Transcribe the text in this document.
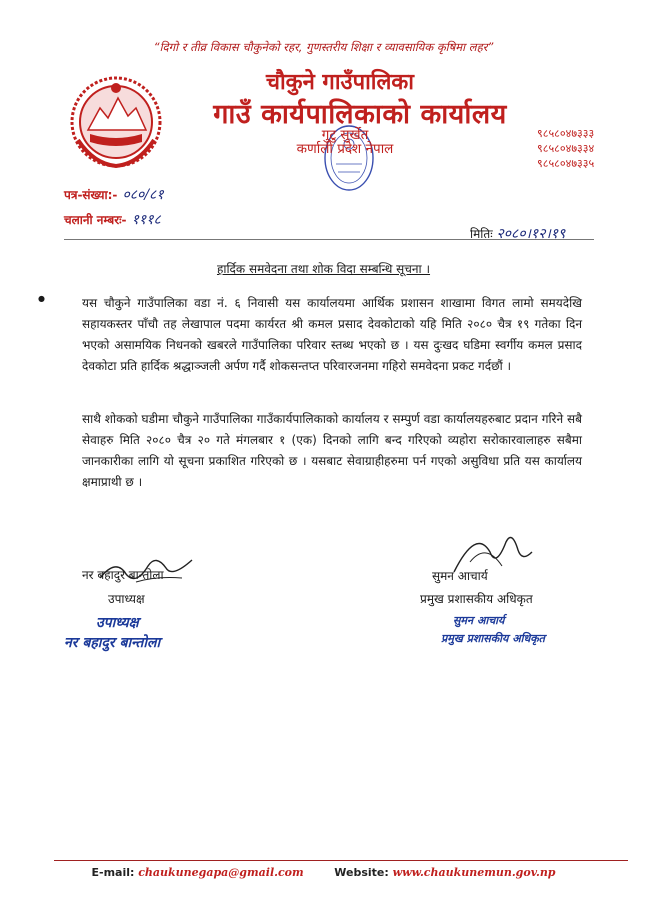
“दिगो र तीव्र विकास चौकुनेको रहर, गुणस्तरीय शिक्षा र व्यावसायिक कृषिमा लहर”
चौकुने गाउँपालिका
गाउँ कार्यपालिकाको कार्यालय
गुटु सुर्खेत
कर्णाली प्रदेश नेपाल
९८५८०४७३३३
९८५८०४७३३४
९८५८०४७३३५
पत्र-संख्या:- ०८०/८१
चलानी नम्बरः- १११८
मितिः २०८०।१२।१९
हार्दिक समवेदना तथा शोक विदा सम्बन्धि सूचना ।
●	यस चौकुने गाउँपालिका वडा नं. ६ निवासी यस कार्यालयमा आर्थिक प्रशासन शाखामा विगत लामो समयदेखि सहायकस्तर पाँचौ तह लेखापाल पदमा कार्यरत श्री कमल प्रसाद देवकोटाको यहि मिति २०८० चैत्र १९ गतेका दिन भएको असामयिक निधनको खबरले गाउँपालिका परिवार स्तब्ध भएको छ । यस दुःखद घडिमा स्वर्गीय कमल प्रसाद देवकोटा प्रति हार्दिक श्रद्धाञ्जली अर्पण गर्दै शोकसन्तप्त परिवारजनमा गहिरो समवेदना प्रकट गर्दछौं ।
साथै शोकको घडीमा चौकुने गाउँपालिका गाउँकार्यपालिकाको कार्यालय र सम्पुर्ण वडा कार्यालयहरुबाट प्रदान गरिने सबै सेवाहरु मिति २०८० चैत्र २० गते मंगलबार १ (एक) दिनको लागि बन्द गरिएको व्यहोरा सरोकारवालाहरु सबैमा जानकारीका लागि यो सूचना प्रकाशित गरिएको छ । यसबाट सेवाग्राहीहरुमा पर्न गएको असुविधा प्रति यस कार्यालय क्षमाप्राथी छ ।
नर बहादुर बान्तोला
उपाध्यक्ष
उपाध्यक्ष
नर बहादुर बान्तोला
सुमन आचार्य
प्रमुख प्रशासकीय अधिकृत
सुमन आचार्य
प्रमुख प्रशासकीय अधिकृत
E-mail: chaukunegapa@gmail.com	Website: www.chaukunemun.gov.np
